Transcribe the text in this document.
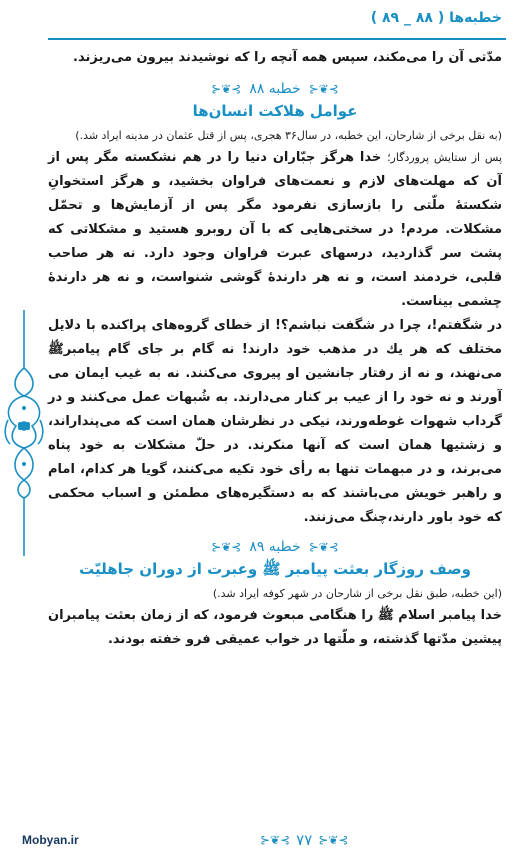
خطبه‌ها ( ۸۸ _ ۸۹ )

مدّتی آن را می‌مکند، سپس همه آنچه را که نوشیدند بیرون می‌ریزند.

⊱❦⊰
خطبه ۸۸
⊱❦⊰

عوامل هلاکت انسان‌ها

(به نقل برخی از شارحان، این خطبه، در سال۳۶ هجری، پس از قتل عثمان در مدینه ایراد شد.)

پس از ستایش پروردگار؛ خدا هرگز جبّاران دنیا را در هم نشکسته مگر پس از آن که مهلت‌های لازم و نعمت‌های فراوان بخشید، و هرگز استخوانِ شکستهٔ ملّتی را بازسازی نفرمود مگر پس از آزمایش‌ها و تحمّل مشکلات. مردم! در سختی‌هایی که با آن روبرو هستید و مشکلاتی که پشت سر گذاردید، درسهای عبرت فراوان وجود دارد. نه هر صاحب قلبی، خردمند است، و نه هر دارندهٔ گوشی شنواست، و نه هر دارندهٔ چشمی بیناست.

در شگفتم!، چرا در شگفت نباشم؟! از خطای گروه‌های پراکنده با دلایل مختلف که هر یك در مذهب خود دارند! نه گام بر جای گام پیامبرﷺ می‌نهند، و نه از رفتار جانشین او پیروی می‌کنند. نه به غیب ایمان می آورند و نه خود را از عیب بر کنار می‌دارند. به شُبهات عمل می‌کنند و در گرداب شهوات غوطه‌ورند، نیکی در نظرشان همان است که می‌پنداراند، و زشتیها همان است که آنها منکرند. در حلّ مشکلات به خود پناه می‌برند، و در مبهمات تنها به رأی خود تکیه می‌کنند، گویا هر کدام، امام و راهبر خویش می‌باشند که به دستگیره‌های مطمئن و اسباب محکمی که خود باور دارند،چنگ می‌زنند.

⊱❦⊰
خطبه ۸۹
⊱❦⊰

وصف روزگار بعثت پیامبر ﷺ وعبرت از دوران جاهلیّت

(این خطبه، طبق نقل برخی از شارحان در شهر کوفه ایراد شد.)

خدا پیامبر اسلام ﷺ را هنگامی مبعوث فرمود، که از زمان بعثت پیامبران پیشین مدّتها گذشته، و ملّتها در خواب عمیقی فرو خفته بودند.

Mobyan.ir	⊱❦⊰
۷۷
⊱❦⊰
